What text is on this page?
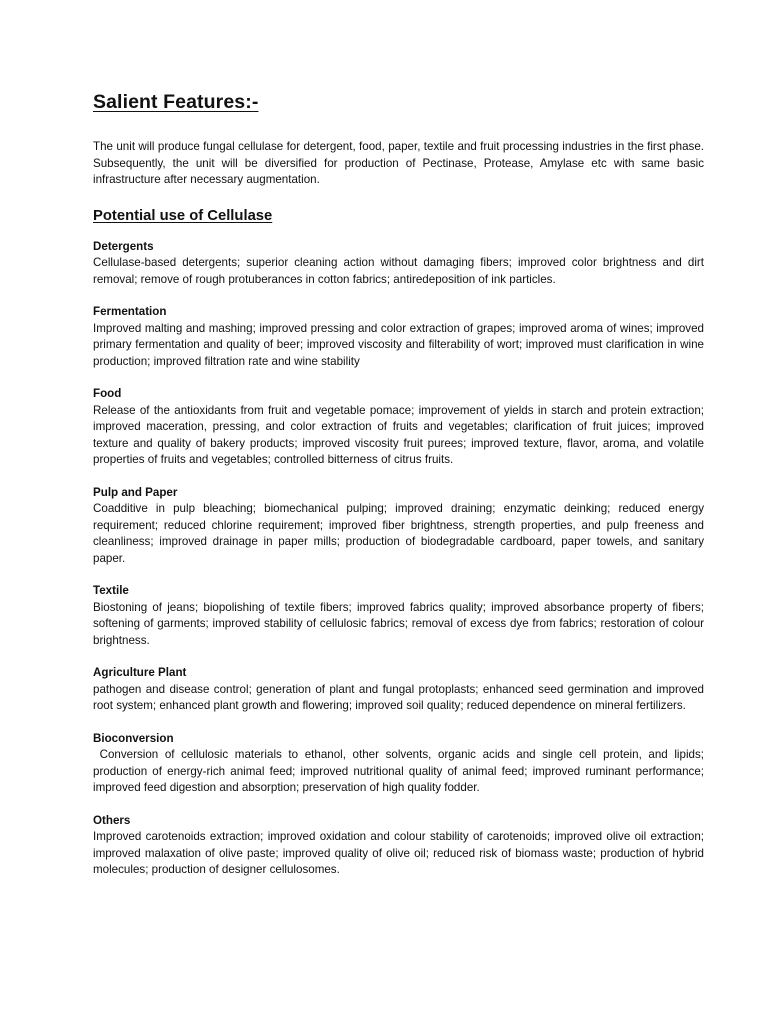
Salient Features:-

The unit will produce fungal cellulase for detergent, food, paper, textile and fruit processing industries in the first phase. Subsequently, the unit will be diversified for production of Pectinase, Protease, Amylase etc with same basic infrastructure after necessary augmentation.

Potential use of Cellulase

Detergents

Cellulase-based detergents; superior cleaning action without damaging fibers; improved color brightness and dirt removal; remove of rough protuberances in cotton fabrics; antiredeposition of ink particles.

Fermentation

Improved malting and mashing; improved pressing and color extraction of grapes; improved aroma of wines; improved primary fermentation and quality of beer; improved viscosity and filterability of wort; improved must clarification in wine production; improved filtration rate and wine stability

Food

Release of the antioxidants from fruit and vegetable pomace; improvement of yields in starch and protein extraction; improved maceration, pressing, and color extraction of fruits and vegetables; clarification of fruit juices; improved texture and quality of bakery products; improved viscosity fruit purees; improved texture, flavor, aroma, and volatile properties of fruits and vegetables; controlled bitterness of citrus fruits.

Pulp and Paper

Coadditive in pulp bleaching; biomechanical pulping; improved draining; enzymatic deinking; reduced energy requirement; reduced chlorine requirement; improved fiber brightness, strength properties, and pulp freeness and cleanliness; improved drainage in paper mills; production of biodegradable cardboard, paper towels, and sanitary paper.

Textile

Biostoning of jeans; biopolishing of textile fibers; improved fabrics quality; improved absorbance property of fibers; softening of garments; improved stability of cellulosic fabrics; removal of excess dye from fabrics; restoration of colour brightness.

Agriculture Plant

pathogen and disease control; generation of plant and fungal protoplasts; enhanced seed germination and improved root system; enhanced plant growth and flowering; improved soil quality; reduced dependence on mineral fertilizers.

Bioconversion

Conversion of cellulosic materials to ethanol, other solvents, organic acids and single cell protein, and lipids; production of energy-rich animal feed; improved nutritional quality of animal feed; improved ruminant performance; improved feed digestion and absorption; preservation of high quality fodder.

Others

Improved carotenoids extraction; improved oxidation and colour stability of carotenoids; improved olive oil extraction; improved malaxation of olive paste; improved quality of olive oil; reduced risk of biomass waste; production of hybrid molecules; production of designer cellulosomes.
